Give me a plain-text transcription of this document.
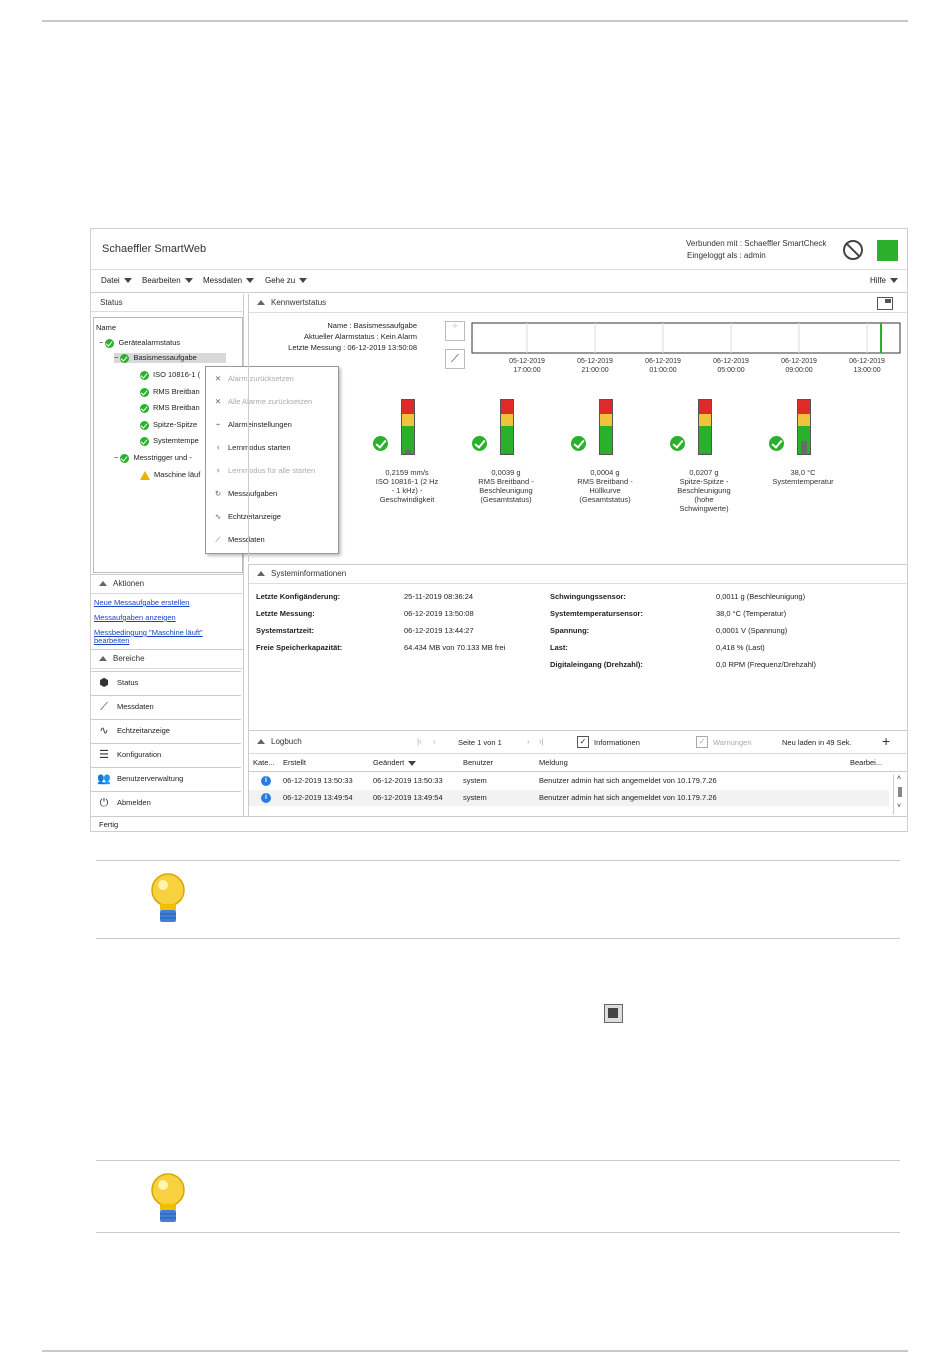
Schaeffler SmartWeb	Verbunden mit : Schaeffler SmartCheck
Eingeloggt als : admin
Datei	Bearbeiten	Messdaten	Gehe zu	Hilfe
Status
Name
− Gerätealarmstatus
− Basismessaufgabe
ISO 10816-1 (
RMS Breitban
RMS Breitban
Spitze-Spitze
Systemtempe
− Messtrigger und -
Maschine läuf
Aktionen
Neue Messaufgabe erstellen
Messaufgaben anzeigen
Messbedingung "Maschine läuft"
bearbeiten
Bereiche
⬢ Status
⟋	Messdaten
∿	Echtzeitanzeige
☰ Konfiguration
👥 Benutzerverwaltung
⏻	Abmelden
✕ Alarm zurücksetzen
✕ Alle Alarme zurücksetzen
÷	Alarmeinstellungen
♀ Lernmodus starten
♀ Lernmodus für alle starten
↻ Messaufgaben
∿ Echtzeitanzeige
⟋ Messdaten
Kennwertstatus
Name : Basismessaufgabe
Aktueller Alarmstatus : Kein Alarm
Letzte Messung : 06-12-2019 13:50:08
÷
⟋	05-12-2019
17:00:00
05-12-2019
21:00:00
06-12-2019
01:00:00
06-12-2019
05:00:00
06-12-2019
09:00:00
06-12-2019
13:00:00
0,2159 mm/s
ISO 10816-1 (2 Hz
- 1 kHz) -
Geschwindigkeit
0,0039 g
RMS Breitband -
Beschleunigung
(Gesamtstatus)
0,0004 g
RMS Breitband -
Hüllkurve
(Gesamtstatus)
0,0207 g
Spitze-Spitze -
Beschleunigung
(hohe
Schwingwerte)
38,0 °C
Systemtemperatur
Systeminformationen
Letzte Konfigänderung:	25-11-2019 08:36:24
Letzte Messung:	06-12-2019 13:50:08
Systemstartzeit:	06-12-2019 13:44:27
Freie Speicherkapazität:	64.434 MB von 70.133 MB frei
Schwingungssensor:	0,0011 g (Beschleunigung)
Systemtemperatursensor:	38,0 °C (Temperatur)
Spannung:	0,0001 V (Spannung)
Last:	0,418 % (Last)
Digitaleingang (Drehzahl):	0,0 RPM (Frequenz/Drehzahl)
Logbuch	|‹ ‹	Seite 1 von 1	› ›|	✓	Informationen	✓	Warnungen	Neu laden in 49 Sek. +
Kate... Erstellt	Geändert	Benutzer	Meldung	Bearbei...
i	06-12-2019 13:50:33	06-12-2019 13:50:33	system	Benutzer admin hat sich angemeldet von 10.179.7.26
i	06-12-2019 13:49:54	06-12-2019 13:49:54	system	Benutzer admin hat sich angemeldet von 10.179.7.26
˄
˅
Fertig
